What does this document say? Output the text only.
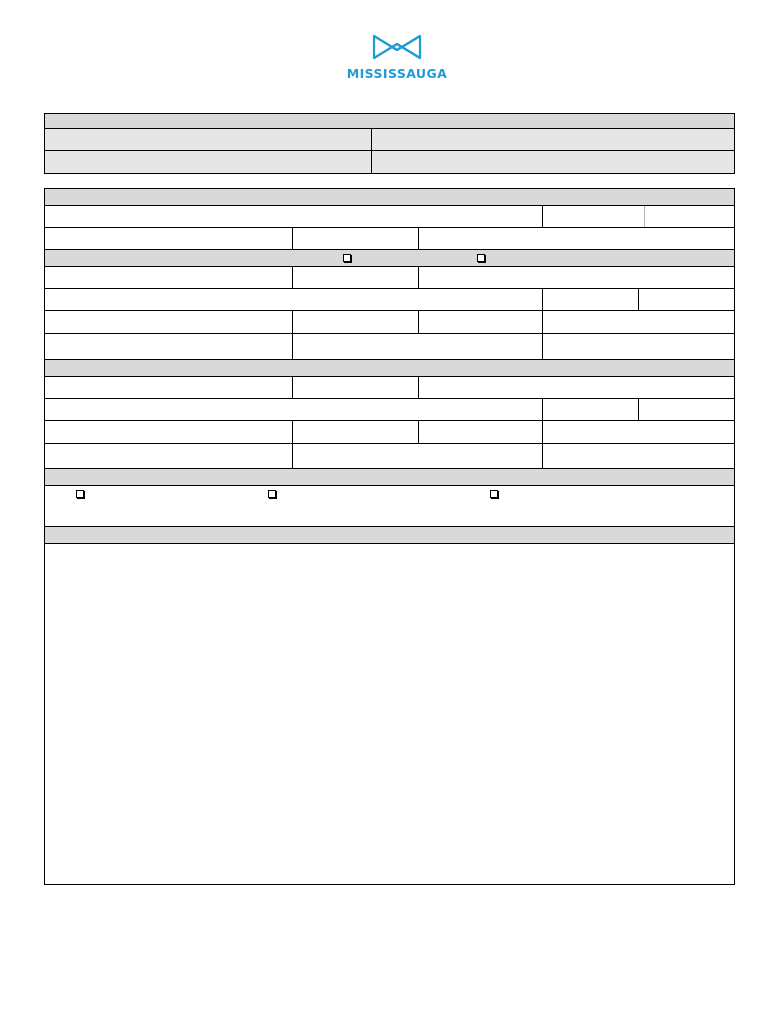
MISSISSAUGA
